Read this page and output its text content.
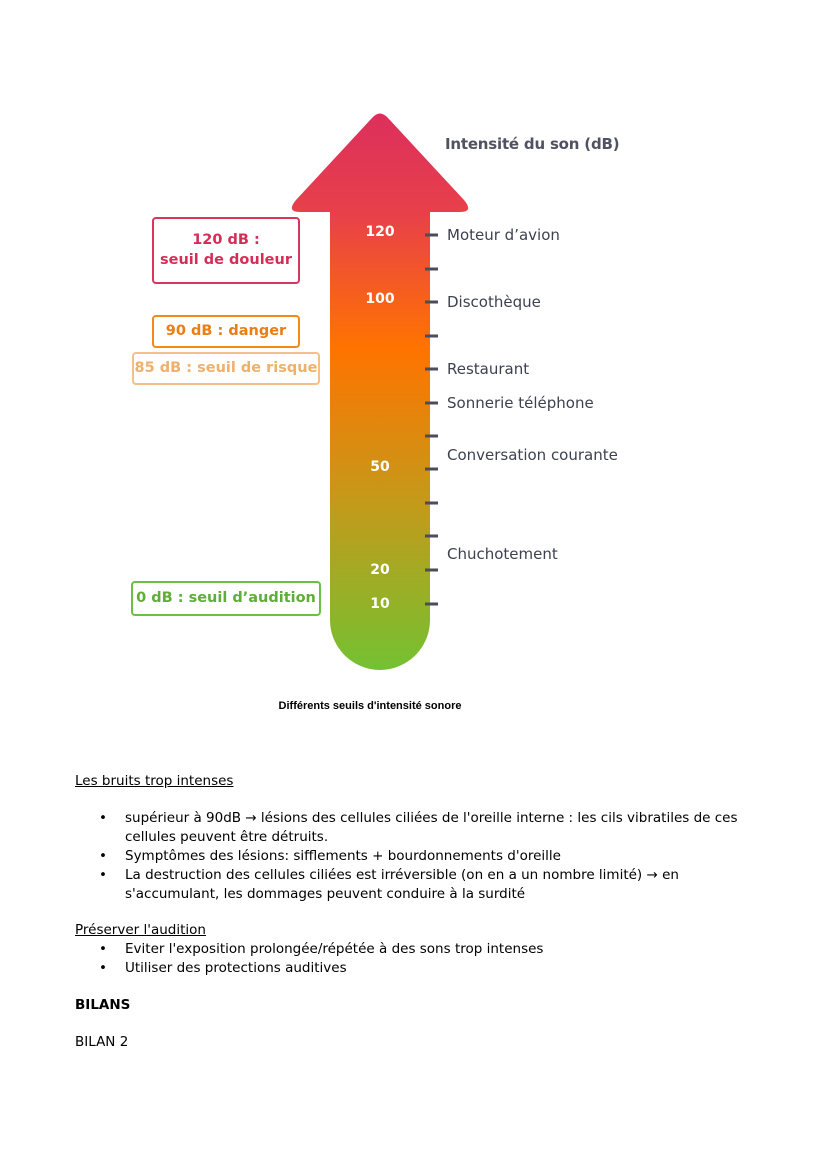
Intensité du son (dB)
120
100
50
20
10
Moteur d’avion
Discothèque
Restaurant
Sonnerie téléphone
Conversation courante
Chuchotement
120 dB :
seuil de douleur
90 dB : danger
85 dB : seuil de risque
0 dB : seuil d’audition
Différents seuils d'intensité sonore
Les bruits trop intenses
• supérieur à 90dB → lésions des cellules ciliées de l'oreille interne : les cils vibratiles de ces cellules peuvent être détruits.
• Symptômes des lésions: sifflements + bourdonnements d'oreille
• La destruction des cellules ciliées est irréversible (on en a un nombre limité) → en s'accumulant, les dommages peuvent conduire à la surdité
Préserver l'audition
• Eviter l'exposition prolongée/répétée à des sons trop intenses
• Utiliser des protections auditives
BILANS
BILAN 2
